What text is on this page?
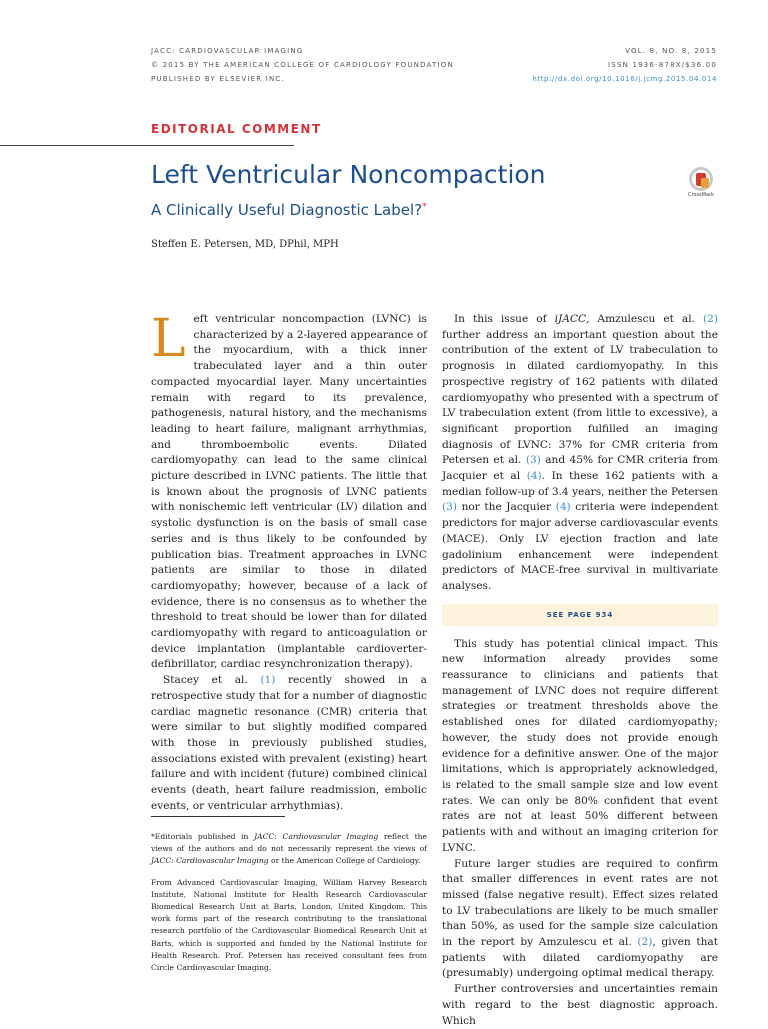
JACC: CARDIOVASCULAR IMAGING
© 2015 BY THE AMERICAN COLLEGE OF CARDIOLOGY FOUNDATION
PUBLISHED BY ELSEVIER INC.
VOL. 8, NO. 8, 2015
ISSN 1936-878X/$36.00
http://dx.doi.org/10.1016/j.jcmg.2015.04.014
EDITORIAL COMMENT
Left Ventricular Noncompaction
A Clinically Useful Diagnostic Label?*
Steffen E. Petersen, MD, DPhil, MPH
CrossMark

Left ventricular noncompaction (LVNC) is characterized by a 2-layered appearance of the myocardium, with a thick inner trabeculated layer and a thin outer compacted myocardial layer. Many uncertainties remain with regard to its prevalence, pathogenesis, natural history, and the mechanisms leading to heart failure, malignant arrhythmias, and thromboembolic events. Dilated cardiomyopathy can lead to the same clinical picture described in LVNC patients. The little that is known about the prognosis of LVNC patients with nonischemic left ventricular (LV) dilation and systolic dysfunction is on the basis of small case series and is thus likely to be confounded by publication bias. Treatment approaches in LVNC patients are similar to those in dilated cardiomyopathy; however, because of a lack of evidence, there is no consensus as to whether the threshold to treat should be lower than for dilated cardiomyopathy with regard to anticoagulation or device implantation (implantable cardioverter-defibrillator, cardiac resynchronization therapy).

Stacey et al. (1) recently showed in a retrospective study that for a number of diagnostic cardiac magnetic resonance (CMR) criteria that were similar to but slightly modified compared with those in previously published studies, associations existed with prevalent (existing) heart failure and with incident (future) combined clinical events (death, heart failure readmission, embolic events, or ventricular arrhythmias).

*Editorials published in JACC: Cardiovascular Imaging reflect the views of the authors and do not necessarily represent the views of JACC: Cardiovascular Imaging or the American College of Cardiology.

From Advanced Cardiovascular Imaging, William Harvey Research Institute, National Institute for Health Research Cardiovascular Biomedical Research Unit at Barts, London, United Kingdom. This work forms part of the research contributing to the translational research portfolio of the Cardiovascular Biomedical Research Unit at Barts, which is supported and funded by the National Institute for Health Research. Prof. Petersen has received consultant fees from Circle Cardiovascular Imaging.

In this issue of iJACC, Amzulescu et al. (2) further address an important question about the contribution of the extent of LV trabeculation to prognosis in dilated cardiomyopathy. In this prospective registry of 162 patients with dilated cardiomyopathy who presented with a spectrum of LV trabeculation extent (from little to excessive), a significant proportion fulfilled an imaging diagnosis of LVNC: 37% for CMR criteria from Petersen et al. (3) and 45% for CMR criteria from Jacquier et al (4). In these 162 patients with a median follow-up of 3.4 years, neither the Petersen (3) nor the Jacquier (4) criteria were independent predictors for major adverse cardiovascular events (MACE). Only LV ejection fraction and late gadolinium enhancement were independent predictors of MACE-free survival in multivariate analyses.

SEE PAGE 934

This study has potential clinical impact. This new information already provides some reassurance to clinicians and patients that management of LVNC does not require different strategies or treatment thresholds above the established ones for dilated cardiomyopathy; however, the study does not provide enough evidence for a definitive answer. One of the major limitations, which is appropriately acknowledged, is related to the small sample size and low event rates. We can only be 80% confident that event rates are not at least 50% different between patients with and without an imaging criterion for LVNC.

Future larger studies are required to confirm that smaller differences in event rates are not missed (false negative result). Effect sizes related to LV trabeculations are likely to be much smaller than 50%, as used for the sample size calculation in the report by Amzulescu et al. (2), given that patients with dilated cardiomyopathy are (presumably) undergoing optimal medical therapy.

Further controversies and uncertainties remain with regard to the best diagnostic approach. Which
